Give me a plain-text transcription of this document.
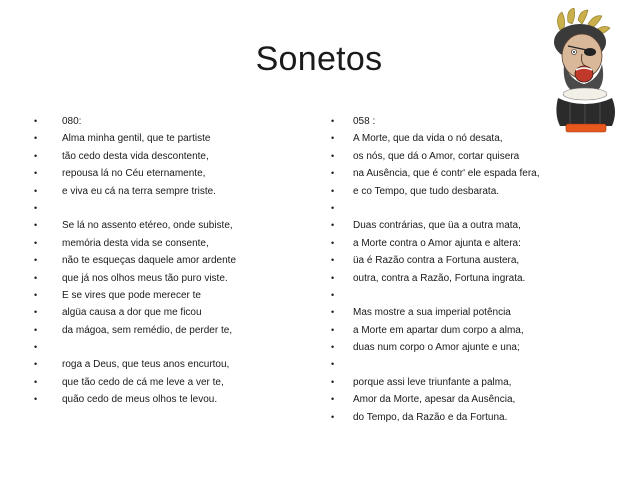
Sonetos
•	080:
•	Alma minha gentil, que te partiste
•	tão cedo desta vida descontente,
•	repousa lá no Céu eternamente,
•	e viva eu cá na terra sempre triste.
•
•	Se lá no assento etéreo, onde subiste,
•	memória desta vida se consente,
•	não te esqueças daquele amor ardente
•	que já nos olhos meus tão puro viste.
•	E se vires que pode merecer te
•	algüa causa a dor que me ficou
•	da mágoa, sem remédio, de perder te,
•
•	roga a Deus, que teus anos encurtou,
•	que tão cedo de cá me leve a ver te,
•	quão cedo de meus olhos te levou.
•	058 :
•	A Morte, que da vida o nó desata,
•	os nós, que dá o Amor, cortar quisera
•	na Ausência, que é contr' ele espada fera,
•	e co Tempo, que tudo desbarata.
•
•	Duas contrárias, que üa a outra mata,
•	a Morte contra o Amor ajunta e altera:
•	üa é Razão contra a Fortuna austera,
•	outra, contra a Razão, Fortuna ingrata.
•
•	Mas mostre a sua imperial potência
•	a Morte em apartar dum corpo a alma,
•	duas num corpo o Amor ajunte e una;
•
•	porque assi leve triunfante a palma,
•	Amor da Morte, apesar da Ausência,
•	do Tempo, da Razão e da Fortuna.
